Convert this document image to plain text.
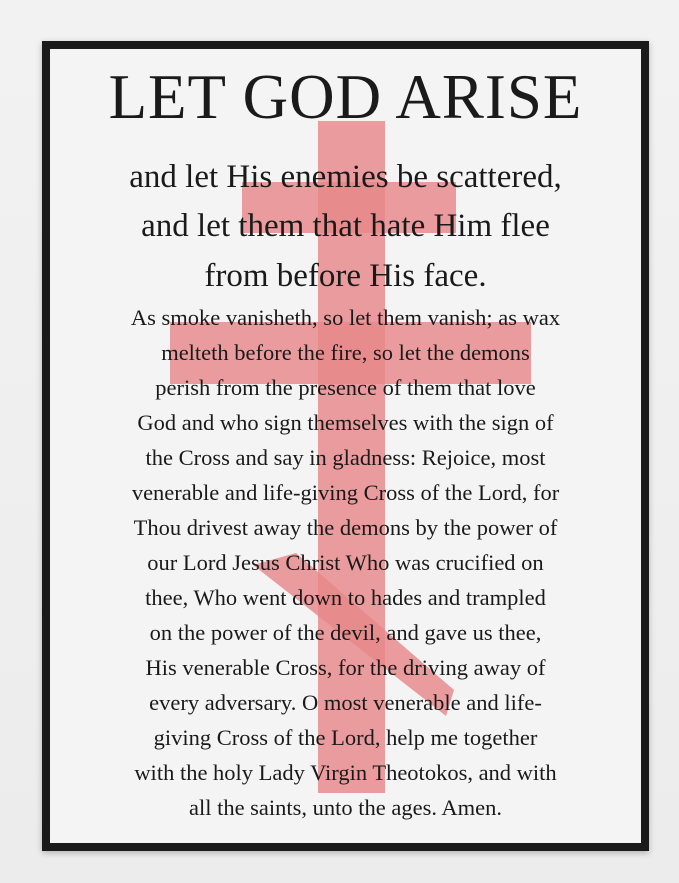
LET GOD ARISE

and let His enemies be scattered,

and let them that hate Him flee

from before His face.

As smoke vanisheth, so let them vanish; as wax

melteth before the fire, so let the demons

perish from the presence of them that love

God and who sign themselves with the sign of

the Cross and say in gladness: Rejoice, most

venerable and life-giving Cross of the Lord, for

Thou drivest away the demons by the power of

our Lord Jesus Christ Who was crucified on

thee, Who went down to hades and trampled

on the power of the devil, and gave us thee,

His venerable Cross, for the driving away of

every adversary. O most venerable and life-

giving Cross of the Lord, help me together

with the holy Lady Virgin Theotokos, and with

all the saints, unto the ages. Amen.
